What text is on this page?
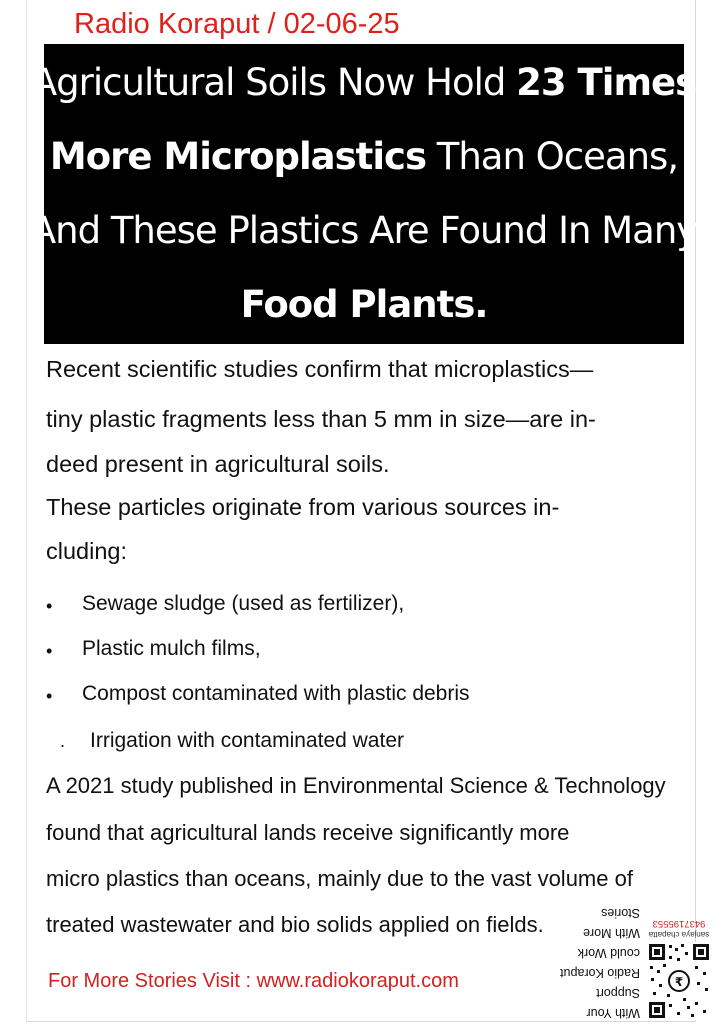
Radio Koraput / 02-06-25
Agricultural Soils Now Hold 23 Times
More Microplastics Than Oceans,
And These Plastics Are Found In Many
Food Plants.
Recent scientific studies confirm that microplastics—
tiny plastic fragments less than 5 mm in size—are in-
deed present in agricultural soils.
These particles originate from various sources in-
cluding:
• Sewage sludge (used as fertilizer),
• Plastic mulch films,
• Compost contaminated with plastic debris
. Irrigation with contaminated water
A 2021 study published in Environmental Science & Technology
found that agricultural lands receive significantly more
micro plastics than oceans, mainly due to the vast volume of
treated wastewater and bio solids applied on fields.
For More Stories Visit : www.radiokoraput.com
With Your
Support
Radio Koraput
could Work
With More
Stories
sanjaya chapatta
9437195553
₹
